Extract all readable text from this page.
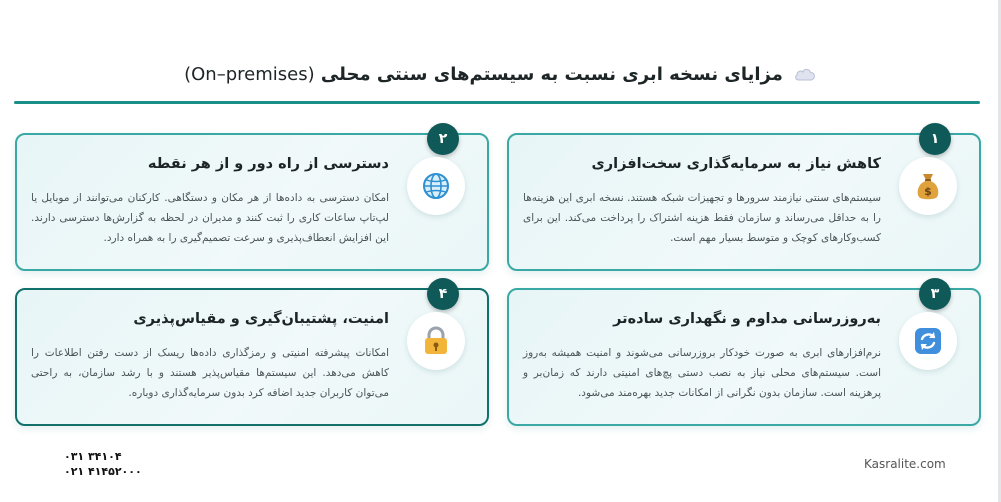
مزایای نسخه ابری نسبت به سیستم‌های سنتی محلی (On–premises)
۱
$
کاهش نیاز به سرمایه‌گذاری سخت‌افزاری
سیستم‌های سنتی نیازمند سرورها و تجهیزات شبکه هستند. نسخه ابری این هزینه‌ها را به حداقل می‌رساند و سازمان فقط هزینه اشتراک را پرداخت می‌کند. این برای کسب‌وکارهای کوچک و متوسط بسیار مهم است.
۲
دسترسی از راه دور و از هر نقطه
امکان دسترسی به داده‌ها از هر مکان و دستگاهی. کارکنان می‌توانند از موبایل یا لپ‌تاپ ساعات کاری را ثبت کنند و مدیران در لحظه به گزارش‌ها دسترسی دارند. این افزایش انعطاف‌پذیری و سرعت تصمیم‌گیری را به همراه دارد.
۳
به‌روزرسانی مداوم و نگهداری ساده‌تر
نرم‌افزارهای ابری به صورت خودکار بروزرسانی می‌شوند و امنیت همیشه به‌روز است. سیستم‌های محلی نیاز به نصب دستی پچ‌های امنیتی دارند که زمان‌بر و پرهزینه است. سازمان بدون نگرانی از امکانات جدید بهره‌مند می‌شود.
۴
امنیت، پشتیبان‌گیری و مقیاس‌پذیری
امکانات پیشرفته امنیتی و رمزگذاری داده‌ها ریسک از دست رفتن اطلاعات را کاهش می‌دهد. این سیستم‌ها مقیاس‌پذیر هستند و با رشد سازمان، به راحتی می‌توان کاربران جدید اضافه کرد بدون سرمایه‌گذاری دوباره.
۰۳۱ ۳۴۱۰۴
۰۲۱ ۴۱۴۵۲۰۰۰
Kasralite.com
